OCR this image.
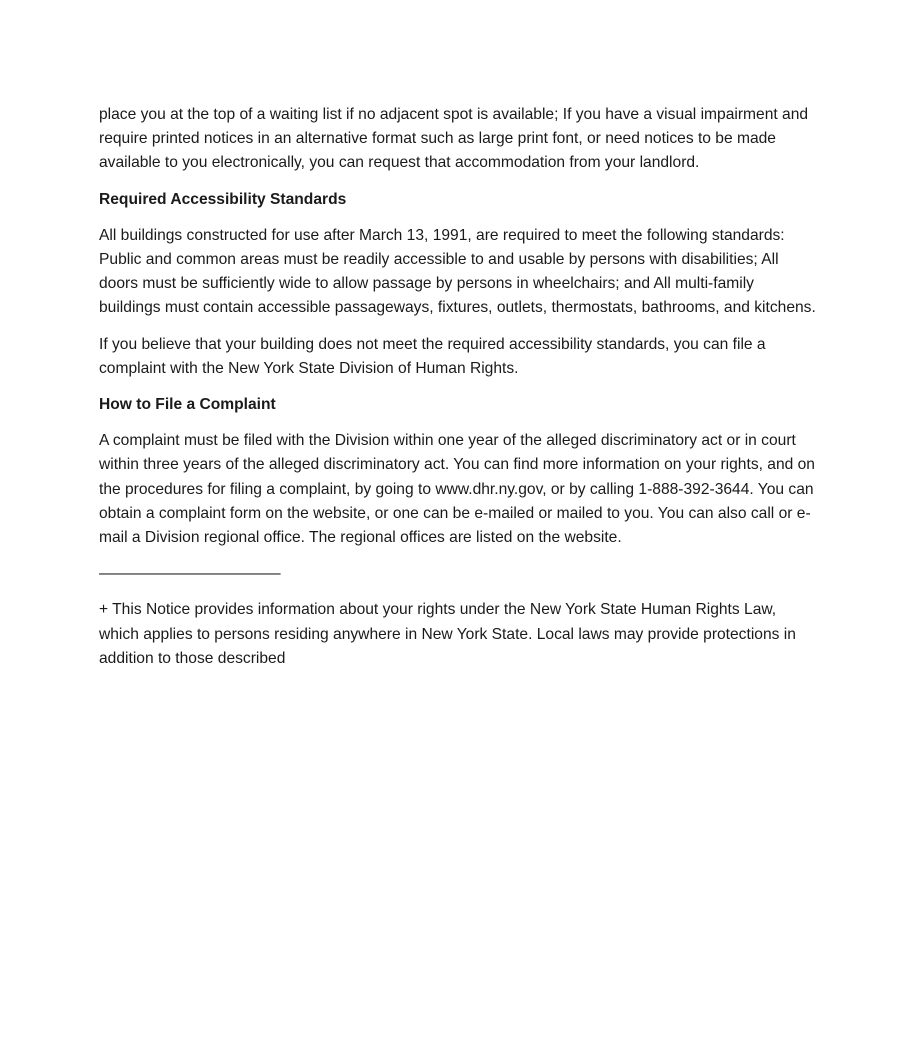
place you at the top of a waiting list if no adjacent spot is available; If you have a visual impairment and require printed notices in an alternative format such as large print font, or need notices to be made available to you electronically, you can request that accommodation from your landlord.

Required Accessibility Standards

All buildings constructed for use after March 13, 1991, are required to meet the following standards: Public and common areas must be readily accessible to and usable by persons with disabilities; All doors must be sufficiently wide to allow passage by persons in wheelchairs; and All multi-family buildings must contain accessible passageways, fixtures, outlets, thermostats, bathrooms, and kitchens.

If you believe that your building does not meet the required accessibility standards, you can file a complaint with the New York State Division of Human Rights.

How to File a Complaint

A complaint must be filed with the Division within one year of the alleged discriminatory act or in court within three years of the alleged discriminatory act. You can find more information on your rights, and on the procedures for filing a complaint, by going to www.dhr.ny.gov, or by calling 1-888-392-3644. You can obtain a complaint form on the website, or one can be e-mailed or mailed to you. You can also call or e-mail a Division regional office. The regional offices are listed on the website.

————————————

+ This Notice provides information about your rights under the New York State Human Rights Law, which applies to persons residing anywhere in New York State. Local laws may provide protections in addition to those described
